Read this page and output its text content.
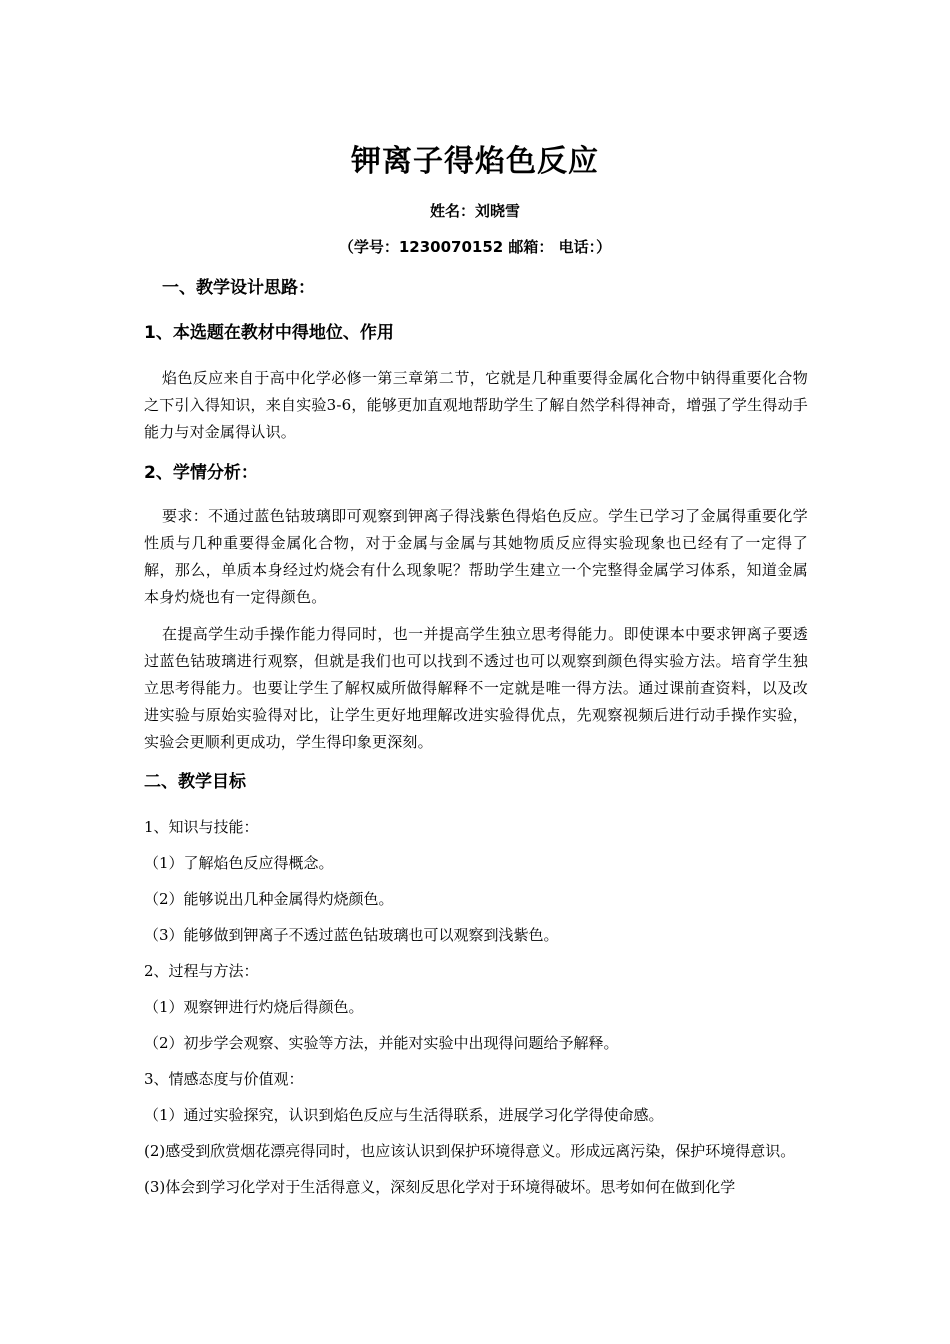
钾离子得焰色反应
姓名：刘晓雪
（学号：1230070152 邮箱： 电话：）

一、教学设计思路：

1、本选题在教材中得地位、作用

焰色反应来自于高中化学必修一第三章第二节，它就是几种重要得金属化合物中钠得重要化合物之下引入得知识，来自实验3-6，能够更加直观地帮助学生了解自然学科得神奇，增强了学生得动手能力与对金属得认识。

2、学情分析：

要求：不通过蓝色钴玻璃即可观察到钾离子得浅紫色得焰色反应。学生已学习了金属得重要化学性质与几种重要得金属化合物，对于金属与金属与其她物质反应得实验现象也已经有了一定得了解，那么，单质本身经过灼烧会有什么现象呢？帮助学生建立一个完整得金属学习体系，知道金属本身灼烧也有一定得颜色。

在提高学生动手操作能力得同时，也一并提高学生独立思考得能力。即使课本中要求钾离子要透过蓝色钴玻璃进行观察，但就是我们也可以找到不透过也可以观察到颜色得实验方法。培育学生独立思考得能力。也要让学生了解权威所做得解释不一定就是唯一得方法。通过课前查资料，以及改进实验与原始实验得对比，让学生更好地理解改进实验得优点，先观察视频后进行动手操作实验，实验会更顺利更成功，学生得印象更深刻。

二、教学目标

1、知识与技能：

（1）了解焰色反应得概念。

（2）能够说出几种金属得灼烧颜色。

（3）能够做到钾离子不透过蓝色钴玻璃也可以观察到浅紫色。

2、过程与方法：

（1）观察钾进行灼烧后得颜色。

（2）初步学会观察、实验等方法，并能对实验中出现得问题给予解释。

3、情感态度与价值观：

（1）通过实验探究，认识到焰色反应与生活得联系，进展学习化学得使命感。

(2)感受到欣赏烟花漂亮得同时，也应该认识到保护环境得意义。形成远离污染，保护环境得意识。

(3)体会到学习化学对于生活得意义，深刻反思化学对于环境得破坏。思考如何在做到化学
